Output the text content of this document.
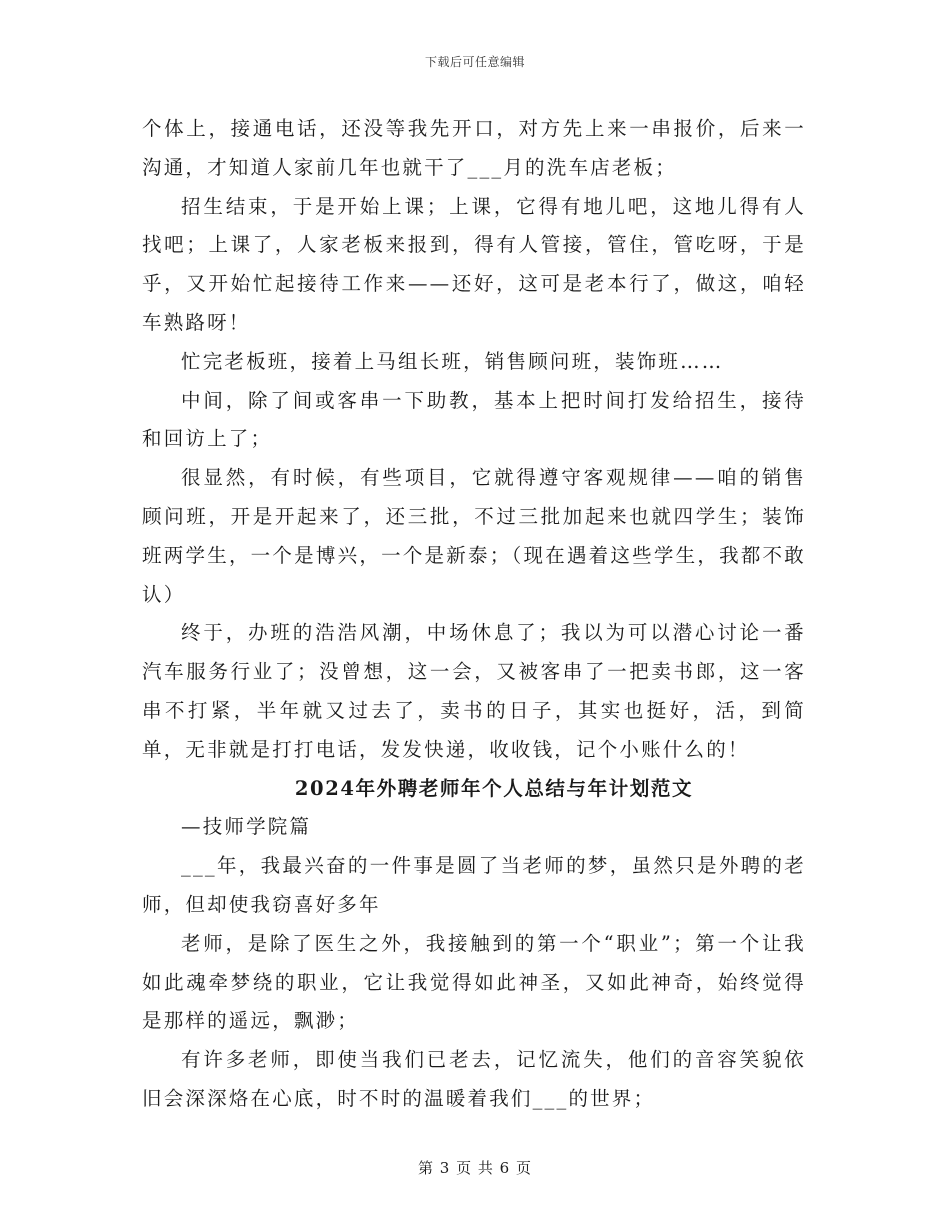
下载后可任意编辑

个体上，接通电话，还没等我先开口，对方先上来一串报价，后来一沟通，才知道人家前几年也就干了___月的洗车店老板；

招生结束，于是开始上课；上课，它得有地儿吧，这地儿得有人找吧；上课了，人家老板来报到，得有人管接，管住，管吃呀，于是乎，又开始忙起接待工作来——还好，这可是老本行了，做这，咱轻车熟路呀！

忙完老板班，接着上马组长班，销售顾问班，装饰班……

中间，除了间或客串一下助教，基本上把时间打发给招生，接待和回访上了；

很显然，有时候，有些项目，它就得遵守客观规律——咱的销售顾问班，开是开起来了，还三批，不过三批加起来也就四学生；装饰班两学生，一个是博兴，一个是新泰；（现在遇着这些学生，我都不敢认）

终于，办班的浩浩风潮，中场休息了；我以为可以潜心讨论一番汽车服务行业了；没曾想，这一会，又被客串了一把卖书郎，这一客串不打紧，半年就又过去了，卖书的日子，其实也挺好，活，到简单，无非就是打打电话，发发快递，收收钱，记个小账什么的！

2024年外聘老师年个人总结与年计划范文

—技师学院篇

___年，我最兴奋的一件事是圆了当老师的梦，虽然只是外聘的老师，但却使我窃喜好多年

老师，是除了医生之外，我接触到的第一个“职业”；第一个让我如此魂牵梦绕的职业，它让我觉得如此神圣，又如此神奇，始终觉得是那样的遥远，飘渺；

有许多老师，即使当我们已老去，记忆流失，他们的音容笑貌依旧会深深烙在心底，时不时的温暖着我们___的世界；

第 3 页 共 6 页
